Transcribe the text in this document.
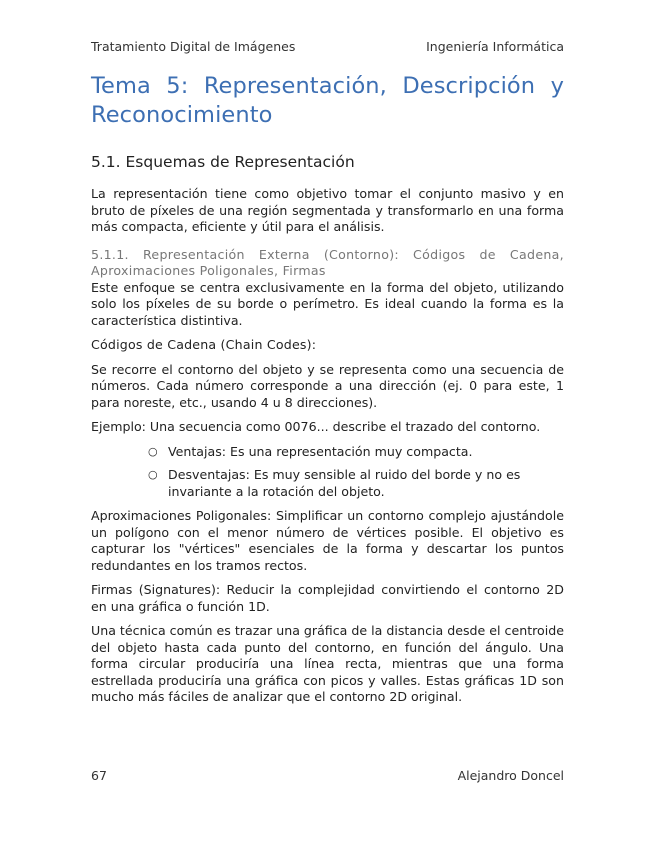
Tratamiento Digital de Imágenes	Ingeniería Informática
Tema 5: Representación, Descripción y Reconocimiento
5.1. Esquemas de Representación

La representación tiene como objetivo tomar el conjunto masivo y en bruto de píxeles de una región segmentada y transformarlo en una forma más compacta, eficiente y útil para el análisis.

5.1.1. Representación Externa (Contorno): Códigos de Cadena, Aproximaciones Poligonales, Firmas

Este enfoque se centra exclusivamente en la forma del objeto, utilizando solo los píxeles de su borde o perímetro. Es ideal cuando la forma es la característica distintiva.

Códigos de Cadena (Chain Codes):

Se recorre el contorno del objeto y se representa como una secuencia de números. Cada número corresponde a una dirección (ej. 0 para este, 1 para noreste, etc., usando 4 u 8 direcciones).

Ejemplo: Una secuencia como 0076... describe el trazado del contorno.

○ Ventajas: Es una representación muy compacta.
○ Desventajas: Es muy sensible al ruido del borde y no es invariante a la rotación del objeto.

Aproximaciones Poligonales: Simplificar un contorno complejo ajustándole un polígono con el menor número de vértices posible. El objetivo es capturar los "vértices" esenciales de la forma y descartar los puntos redundantes en los tramos rectos.

Firmas (Signatures): Reducir la complejidad convirtiendo el contorno 2D en una gráfica o función 1D.

Una técnica común es trazar una gráfica de la distancia desde el centroide del objeto hasta cada punto del contorno, en función del ángulo. Una forma circular produciría una línea recta, mientras que una forma estrellada produciría una gráfica con picos y valles. Estas gráficas 1D son mucho más fáciles de analizar que el contorno 2D original.

67	Alejandro Doncel
